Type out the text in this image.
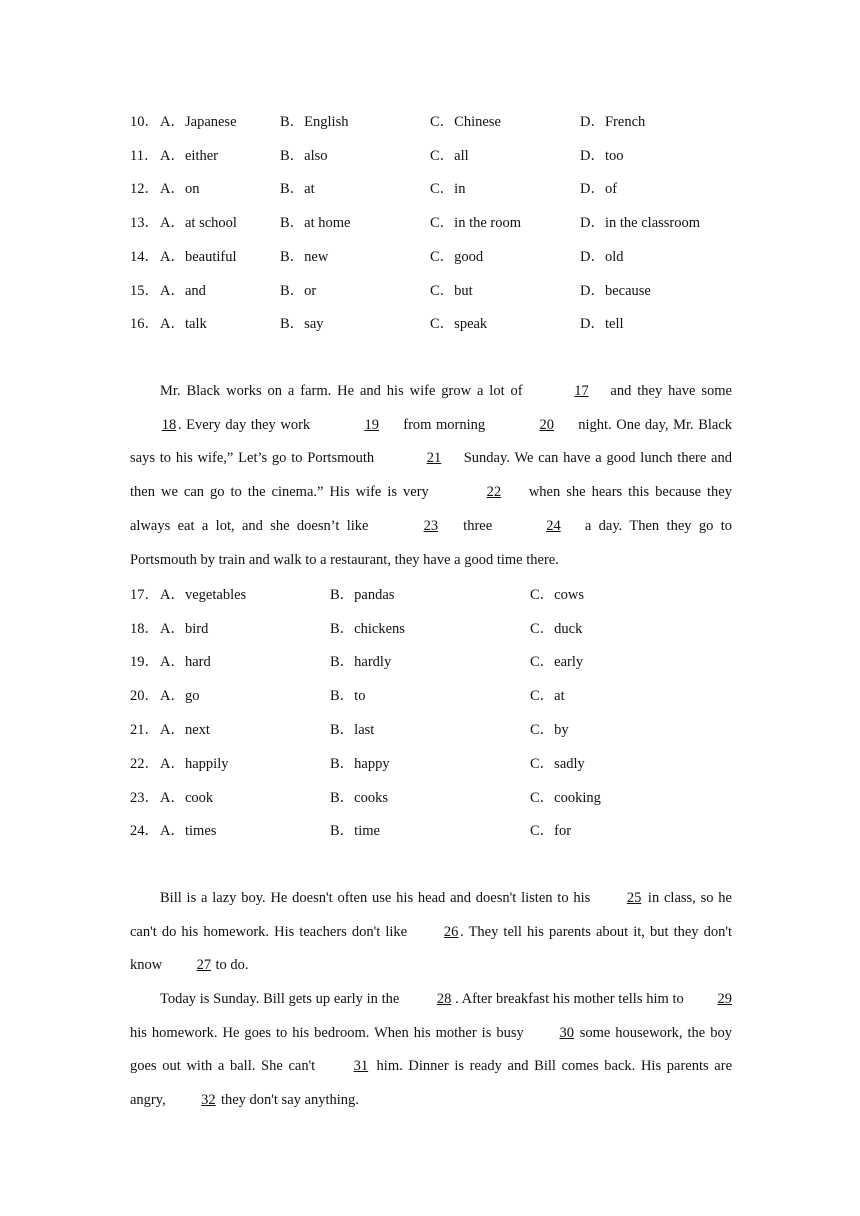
10．A．Japanese	B．English	C．Chinese	D．French
11． A．either	B．also	C．all	D．too
12．A．on	B．at	C．in	D．of
13．A．at school	B．at home	C．in the room	D．in the classroom
14．A．beautiful	B．new	C．good	D．old
15．A．and	B．or	C．but	D．because
16．A．talk	B．say	C．speak	D．tell
Mr. Black works on a farm. He and his wife grow a lot of	17 and they have some 18 . Every day they work	19 from morning	20 night. One day, Mr. Black says to his wife,” Let’s go to Portsmouth	21 Sunday. We can have a good lunch there and then we can go to the cinema.” His wife is very	22 when she hears this because they always eat a lot, and she doesn’t like	23 three	24 a day. Then they go to Portsmouth by train and walk to a restaurant, they have a good time there.
17．A．vegetables	B．pandas	C．cows
18．A．bird	B．chickens	C．duck
19．A．hard	B．hardly	C．early
20．A．go	B．to	C．at
21．A．next	B．last	C．by
22．A．happily	B．happy	C．sadly
23．A．cook	B．cooks	C．cooking
24．A．times	B．time	C．for
Bill is a lazy boy. He doesn't often use his head and doesn't listen to his 25 in class, so he can't do his homework. His teachers don't like 26 . They tell his parents about it, but they don't know 27 to do.
Today is Sunday. Bill gets up early in the 28 . After breakfast his mother tells him to 29 his homework. He goes to his bedroom. When his mother is busy 30 some housework, the boy goes out with a ball. She can't 31 him. Dinner is ready and Bill comes back. His parents are angry, 32 they don't say anything.
